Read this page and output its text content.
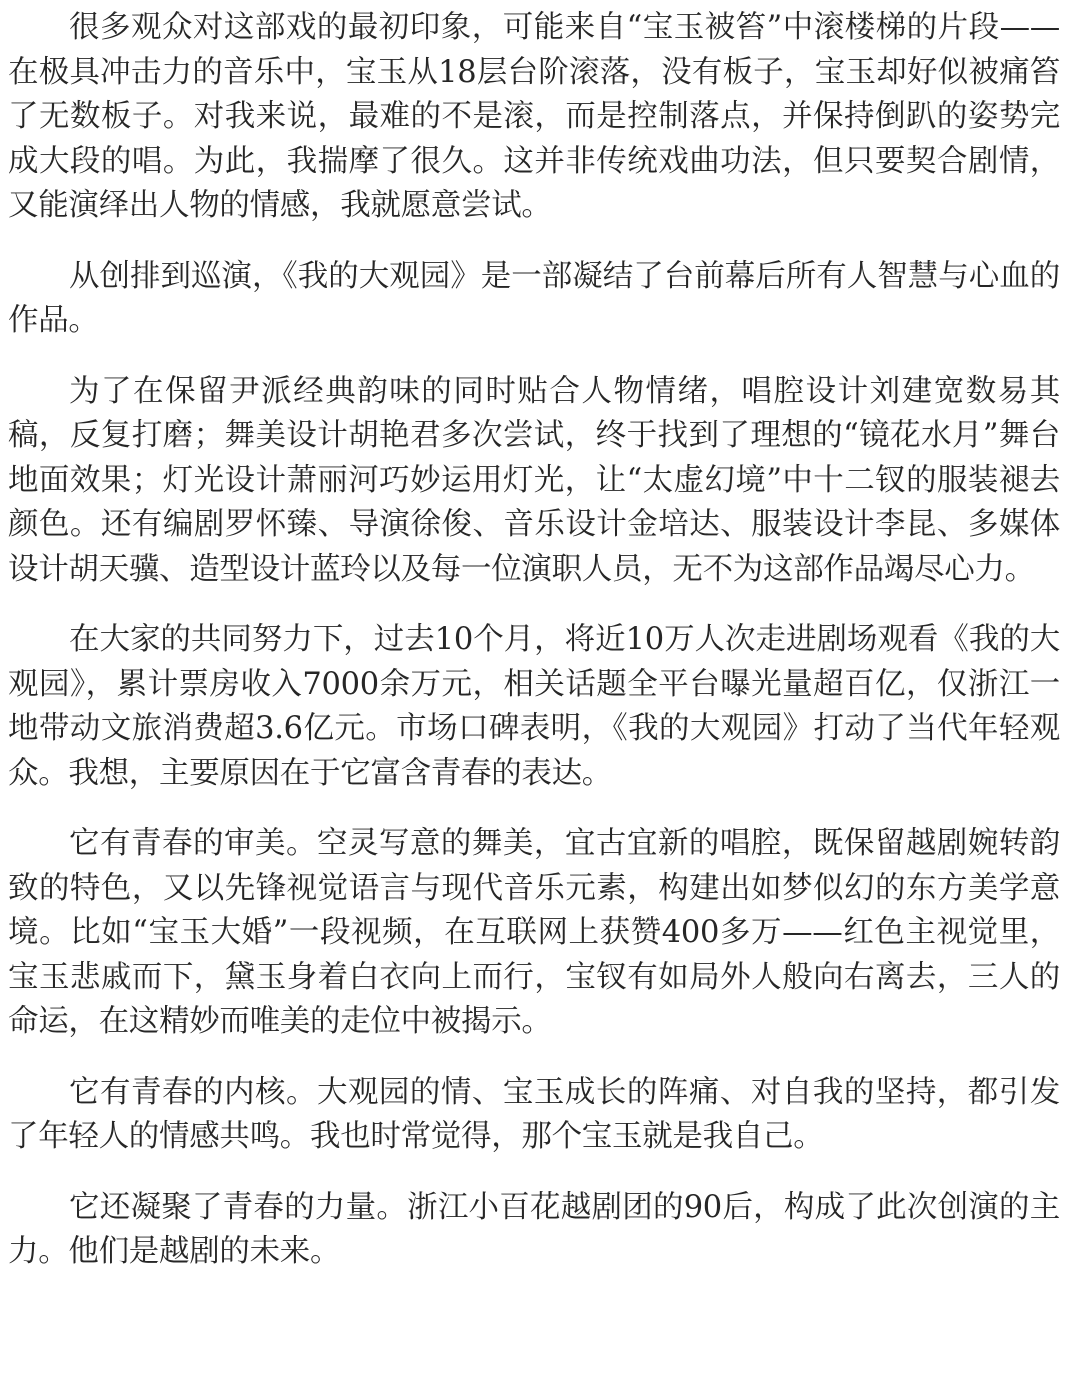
很多观众对这部戏的最初印象，可能来自“宝玉被笞”中滚楼梯的片段——在极具冲击力的音乐中，宝玉从18层台阶滚落，没有板子，宝玉却好似被痛笞了无数板子。对我来说，最难的不是滚，而是控制落点，并保持倒趴的姿势完成大段的唱。为此，我揣摩了很久。这并非传统戏曲功法，但只要契合剧情，又能演绎出人物的情感，我就愿意尝试。

从创排到巡演，《我的大观园》是一部凝结了台前幕后所有人智慧与心血的作品。

为了在保留尹派经典韵味的同时贴合人物情绪，唱腔设计刘建宽数易其稿，反复打磨；舞美设计胡艳君多次尝试，终于找到了理想的“镜花水月”舞台地面效果；灯光设计萧丽河巧妙运用灯光，让“太虚幻境”中十二钗的服装褪去颜色。还有编剧罗怀臻、导演徐俊、音乐设计金培达、服装设计李昆、多媒体设计胡天骥、造型设计蓝玲以及每一位演职人员，无不为这部作品竭尽心力。

在大家的共同努力下，过去10个月，将近10万人次走进剧场观看《我的大观园》，累计票房收入7000余万元，相关话题全平台曝光量超百亿，仅浙江一地带动文旅消费超3.6亿元。市场口碑表明，《我的大观园》打动了当代年轻观众。我想，主要原因在于它富含青春的表达。

它有青春的审美。空灵写意的舞美，宜古宜新的唱腔，既保留越剧婉转韵致的特色，又以先锋视觉语言与现代音乐元素，构建出如梦似幻的东方美学意境。比如“宝玉大婚”一段视频，在互联网上获赞400多万——红色主视觉里，宝玉悲戚而下，黛玉身着白衣向上而行，宝钗有如局外人般向右离去，三人的命运，在这精妙而唯美的走位中被揭示。

它有青春的内核。大观园的情、宝玉成长的阵痛、对自我的坚持，都引发了年轻人的情感共鸣。我也时常觉得，那个宝玉就是我自己。

它还凝聚了青春的力量。浙江小百花越剧团的90后，构成了此次创演的主力。他们是越剧的未来。
